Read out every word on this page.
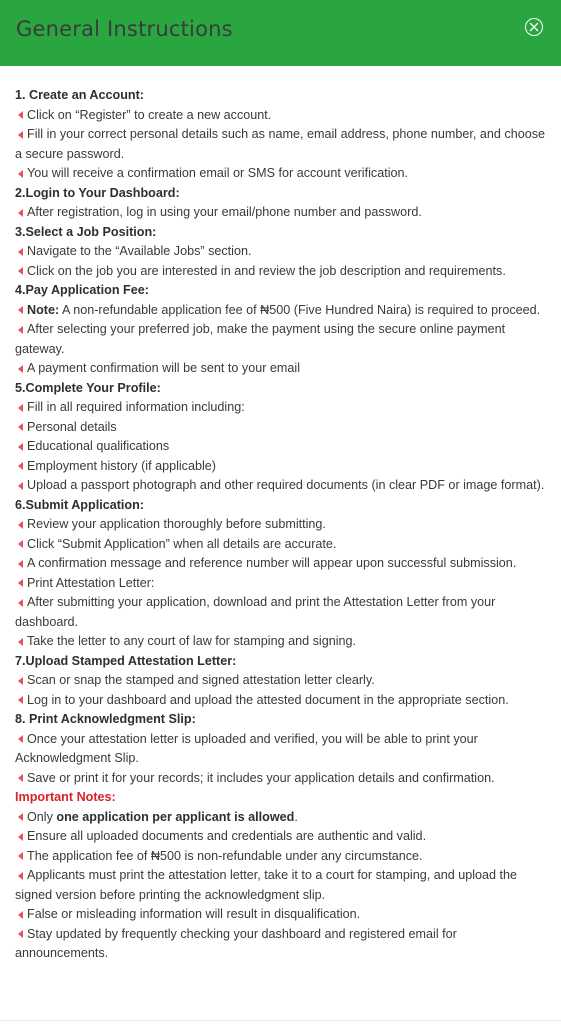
General Instructions

1. Create an Account:

Click on “Register” to create a new account.

Fill in your correct personal details such as name, email address, phone number, and choose a secure password.

You will receive a confirmation email or SMS for account verification.

2.Login to Your Dashboard:

After registration, log in using your email/phone number and password.

3.Select a Job Position:

Navigate to the “Available Jobs” section.

Click on the job you are interested in and review the job description and requirements.

4.Pay Application Fee:

Note: A non-refundable application fee of ₦500 (Five Hundred Naira) is required to proceed.

After selecting your preferred job, make the payment using the secure online payment gateway.

A payment confirmation will be sent to your email

5.Complete Your Profile:

Fill in all required information including:

Personal details

Educational qualifications

Employment history (if applicable)

Upload a passport photograph and other required documents (in clear PDF or image format).

6.Submit Application:

Review your application thoroughly before submitting.

Click “Submit Application” when all details are accurate.

A confirmation message and reference number will appear upon successful submission.

Print Attestation Letter:

After submitting your application, download and print the Attestation Letter from your dashboard.

Take the letter to any court of law for stamping and signing.

7.Upload Stamped Attestation Letter:

Scan or snap the stamped and signed attestation letter clearly.

Log in to your dashboard and upload the attested document in the appropriate section.

8. Print Acknowledgment Slip:

Once your attestation letter is uploaded and verified, you will be able to print your Acknowledgment Slip.

Save or print it for your records; it includes your application details and confirmation.

Important Notes:

Only one application per applicant is allowed.

Ensure all uploaded documents and credentials are authentic and valid.

The application fee of ₦500 is non-refundable under any circumstance.

Applicants must print the attestation letter, take it to a court for stamping, and upload the signed version before printing the acknowledgment slip.

False or misleading information will result in disqualification.

Stay updated by frequently checking your dashboard and registered email for announcements.
